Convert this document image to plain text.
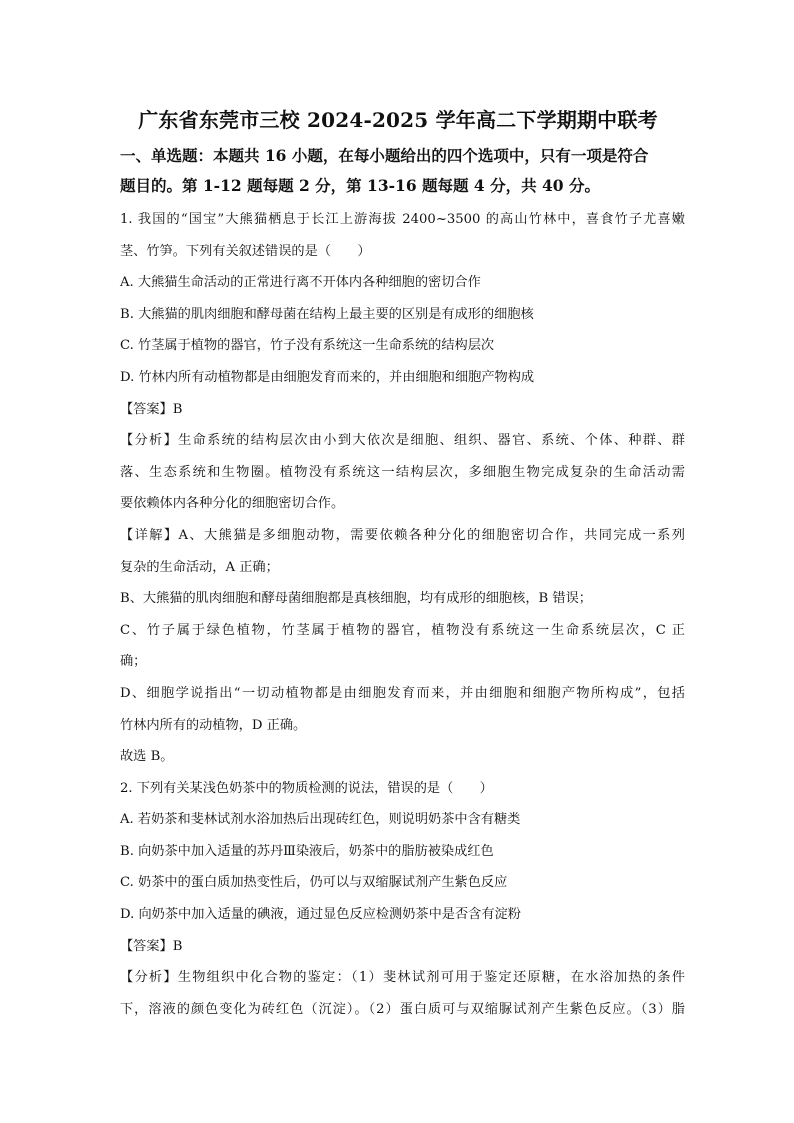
广东省东莞市三校 2024-2025 学年高二下学期期中联考
一、单选题：本题共 16 小题，在每小题给出的四个选项中，只有一项是符合
题目的。第 1-12 题每题 2 分，第 13-16 题每题 4 分，共 40 分。
1. 我国的“国宝”大熊猫栖息于长江上游海拔 2400~3500 的高山竹林中，喜食竹子尤喜嫩
茎、竹笋。下列有关叙述错误的是（　　）
A. 大熊猫生命活动的正常进行离不开体内各种细胞的密切合作
B. 大熊猫的肌肉细胞和酵母菌在结构上最主要的区别是有成形的细胞核
C. 竹茎属于植物的器官，竹子没有系统这一生命系统的结构层次
D. 竹林内所有动植物都是由细胞发育而来的，并由细胞和细胞产物构成
【答案】B
【分析】生命系统的结构层次由小到大依次是细胞、组织、器官、系统、个体、种群、群
落、生态系统和生物圈。植物没有系统这一结构层次，多细胞生物完成复杂的生命活动需
要依赖体内各种分化的细胞密切合作。
【详解】A、大熊猫是多细胞动物，需要依赖各种分化的细胞密切合作，共同完成一系列
复杂的生命活动，A 正确；
B、大熊猫的肌肉细胞和酵母菌细胞都是真核细胞，均有成形的细胞核，B 错误；
C、竹子属于绿色植物，竹茎属于植物的器官，植物没有系统这一生命系统层次，C 正
确；
D、细胞学说指出“一切动植物都是由细胞发育而来，并由细胞和细胞产物所构成”，包括
竹林内所有的动植物，D 正确。
故选 B。
2. 下列有关某浅色奶茶中的物质检测的说法，错误的是（　　）
A. 若奶茶和斐林试剂水浴加热后出现砖红色，则说明奶茶中含有糖类
B. 向奶茶中加入适量的苏丹Ⅲ染液后，奶茶中的脂肪被染成红色
C. 奶茶中的蛋白质加热变性后，仍可以与双缩脲试剂产生紫色反应
D. 向奶茶中加入适量的碘液，通过显色反应检测奶茶中是否含有淀粉
【答案】B
【分析】生物组织中化合物的鉴定：（1）斐林试剂可用于鉴定还原糖，在水浴加热的条件
下，溶液的颜色变化为砖红色（沉淀）。（2）蛋白质可与双缩脲试剂产生紫色反应。（3）脂
